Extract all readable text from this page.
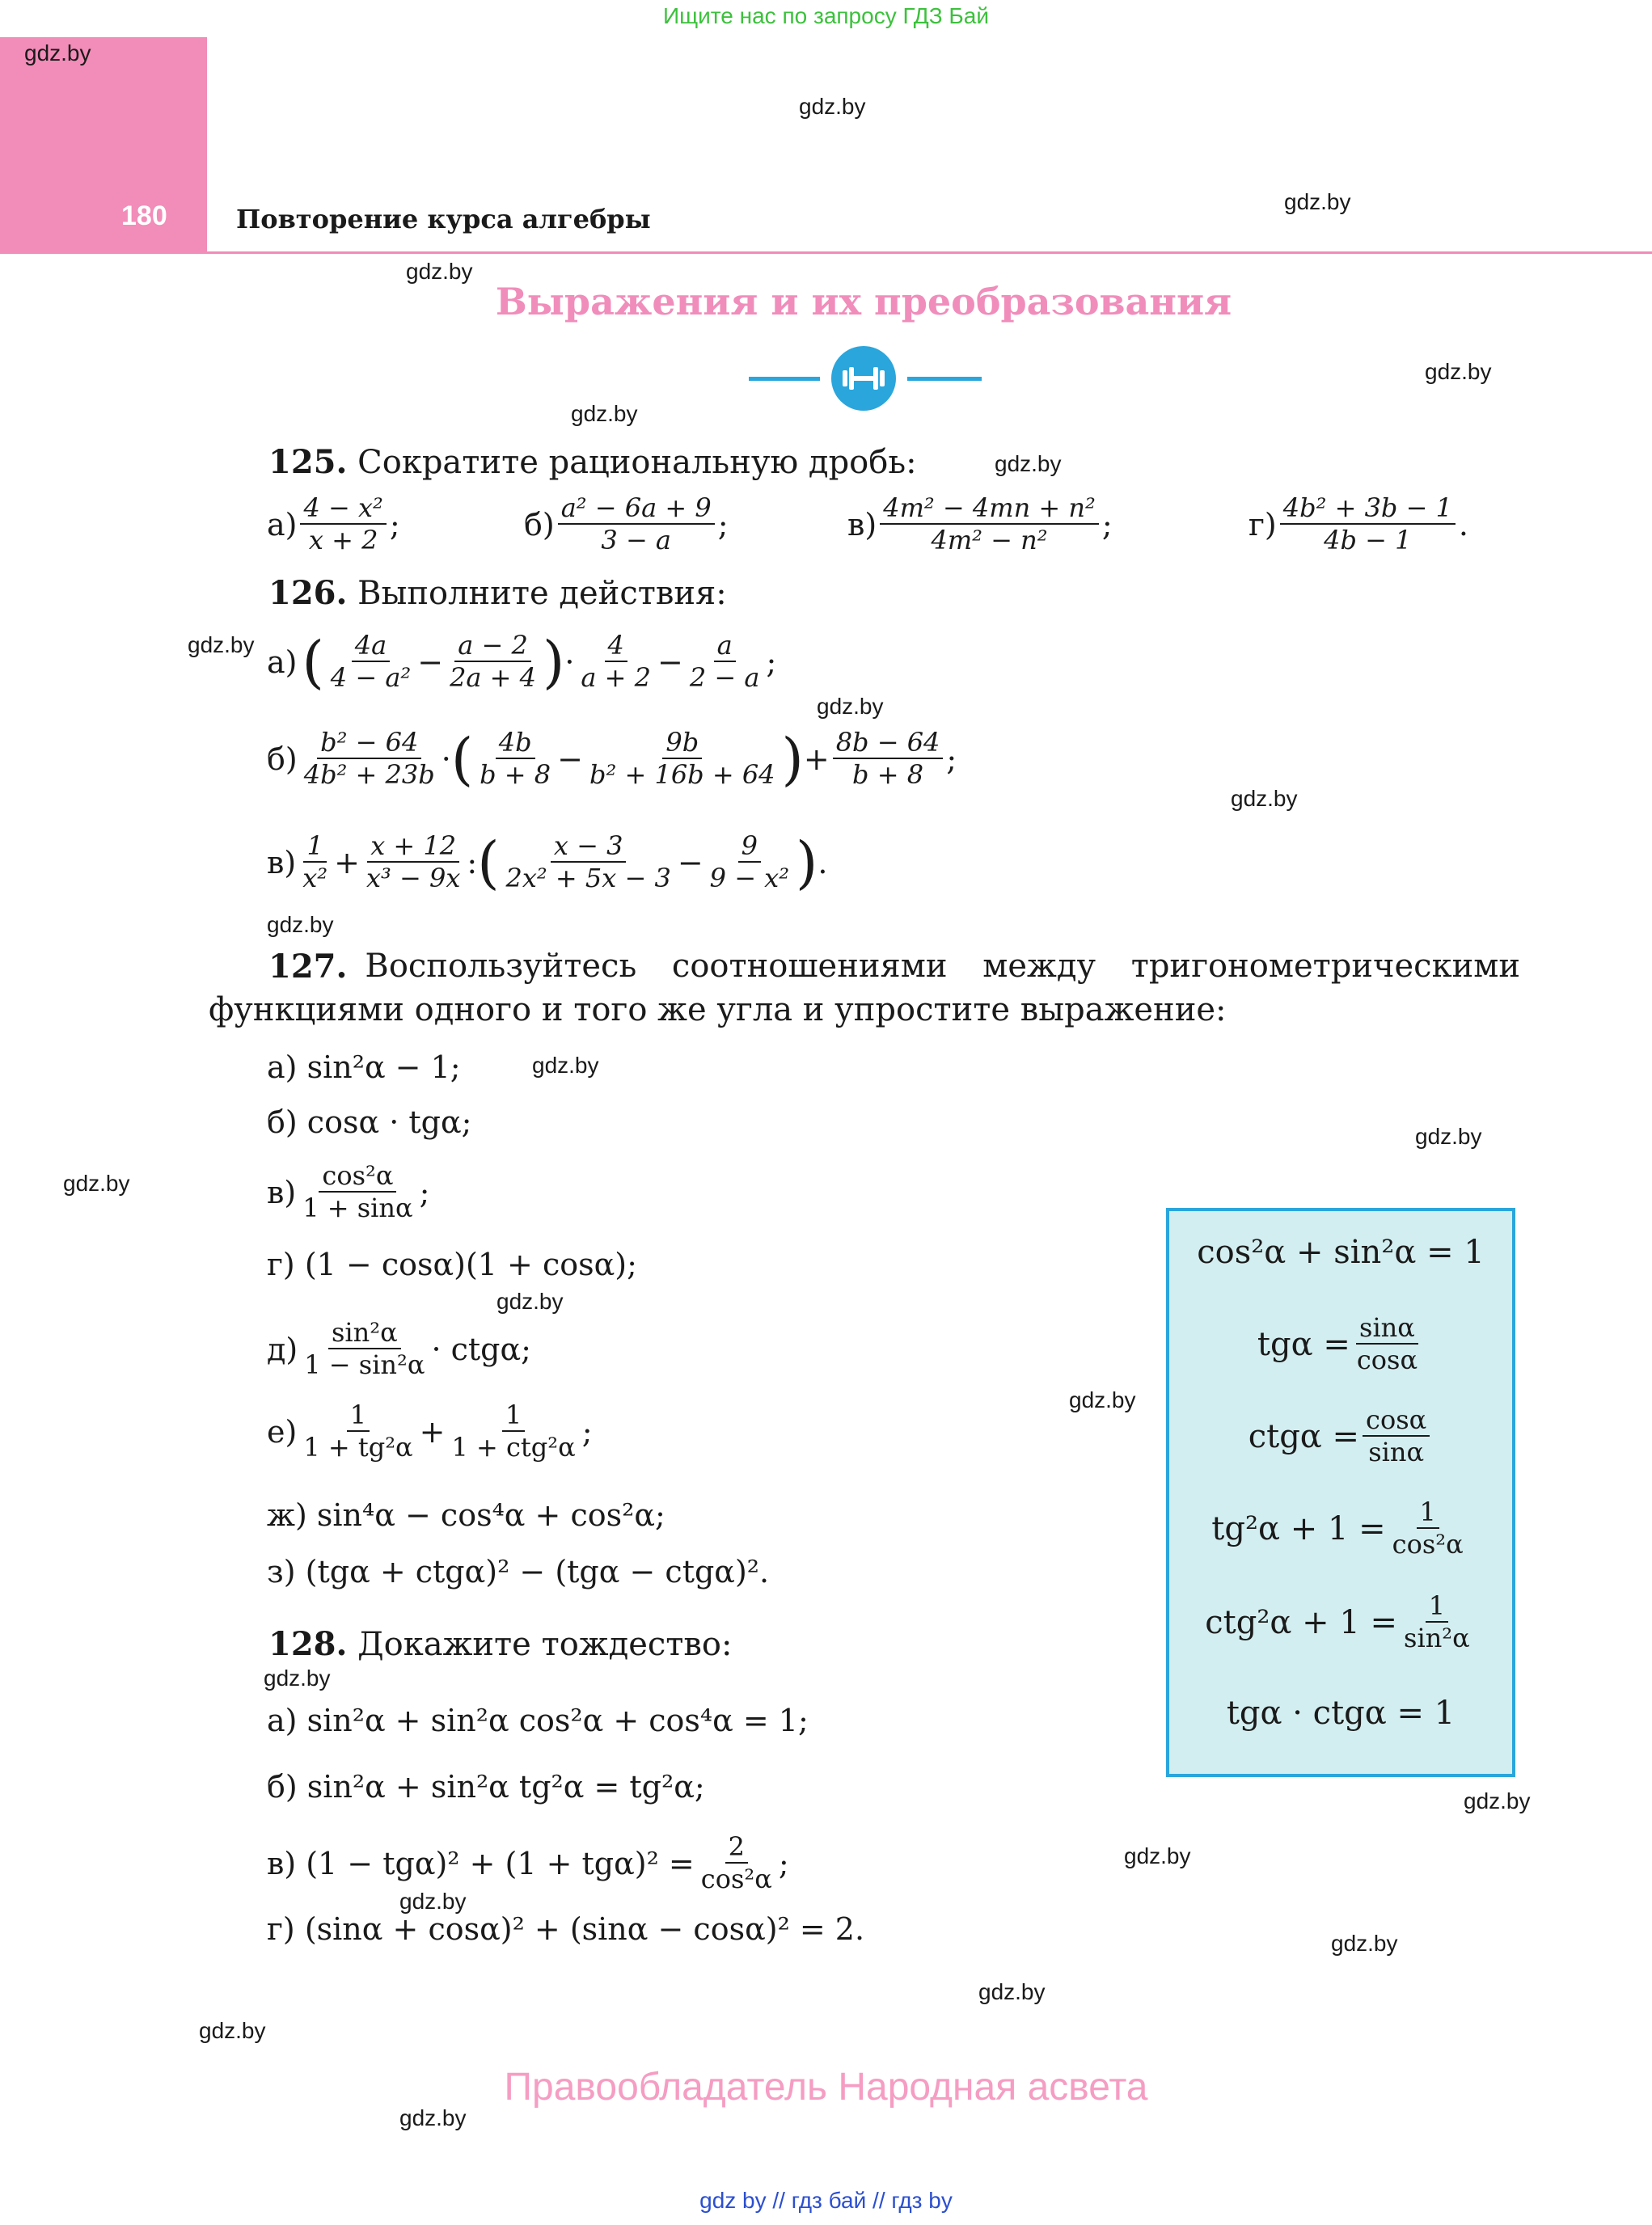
Ищите нас по запросу ГДЗ Бай
180	Повторение курса алгебры
gdz.by
gdz.by
gdz.by
gdz.by
gdz.by
gdz.by
gdz.by
gdz.by
gdz.by
gdz.by
gdz.by
gdz.by
gdz.by
gdz.by
gdz.by
gdz.by
gdz.by
gdz.by
gdz.by
gdz.by
gdz.by
gdz.by
gdz.by
gdz.by
Выражения и их преобразования
125. Сократите рациональную дробь:
$а) \frac{\text{4 − x²}}{x + 2}$ ;	$б) \frac{\text{a² − 6a + 9}}{3 - a}$ ;	$в) \frac{\text{4m² − 4mn + n²}}{\text{4m² − n²}}$ ;	$г) \frac{\text{4b² + 3b − 1}}{4b - 1}$ .
126. Выполните действия:
а) ( $\frac{4a}{\text{4 − a²}} - \frac{a - 2}{2a + 4}$ ) · $\frac{4}{a + 2} - \frac{a}{2 - a}$ ;
$б) \frac{\text{b² − 64}}{\text{4b² + 23b}}$ · ( $\frac{4b}{b + 8} - \frac{9b}{\text{b² + 16b + 64}}$ ) + $\frac{8b - 64}{b + 8}$ ;
$в) \frac{1}{\text{x²}} + \frac{x + 12}{\text{x³ − 9x}}$ : ( $\frac{x - 3}{\text{2x² + 5x − 3}} - \frac{9}{\text{9 − x²}}$ ) .
127. Воспользуйтесь соотношениями между тригонометрическими
функциями одного и того же угла и упростите выражение:
а) sin²α − 1;
б) cosα · tgα;
$в) \frac{\text{cos²α}}{1 + \sin\alpha}$ ;
г) (1 − cosα)(1 + cosα);
$д) \frac{\text{sin²α}}{\text{1 − sin²α}} \cdot ctg\alpha$;
$е) \frac{1}{\text{1 + tg²α}} + \frac{1}{\text{1 + ctg²α}}$ ;
ж) sin⁴α − cos⁴α + cos²α;
з) (tgα + ctgα)² − (tgα − ctgα)².
128. Докажите тождество:
а) sin²α + sin²α cos²α + cos⁴α = 1;
б) sin²α + sin²α tg²α = tg²α;
в) $(1 - tg\alpha)^2 + (1 + tg\alpha)^2 = \frac{2}{\text{cos²α}}$ ;
г) (sinα + cosα)² + (sinα − cosα)² = 2.
cos²α + sin²α = 1
$tg\alpha = \frac{\sin\alpha}{\cos\alpha}$
$ctg\alpha = \frac{\cos\alpha}{\sin\alpha}$
$tg^2\alpha + 1 = \frac{1}{\text{cos²α}}$
$ctg^2\alpha + 1 = \frac{1}{\text{sin²α}}$
tgα · ctgα = 1
Правообладатель Народная асвета
gdz by // гдз бай // гдз by
